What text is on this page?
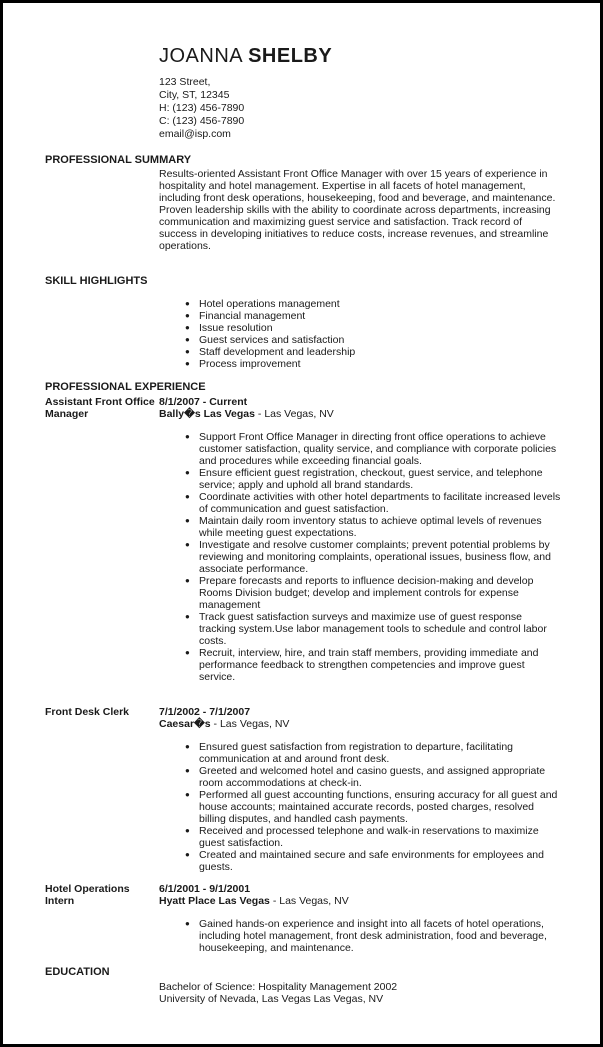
JOANNA SHELBY
123 Street,
City, ST, 12345
H: (123) 456-7890
C: (123) 456-7890
email@isp.com
PROFESSIONAL SUMMARY
Results-oriented Assistant Front Office Manager with over 15 years of experience in hospitality and hotel management. Expertise in all facets of hotel management, including front desk operations, housekeeping, food and beverage, and maintenance. Proven leadership skills with the ability to coordinate across departments, increasing communication and maximizing guest service and satisfaction. Track record of success in developing initiatives to reduce costs, increase revenues, and streamline operations.
SKILL HIGHLIGHTS
● Hotel operations management
● Financial management
● Issue resolution
● Guest services and satisfaction
● Staff development and leadership
● Process improvement
PROFESSIONAL EXPERIENCE
Assistant Front Office Manager
8/1/2007 - Current
Bally�s Las Vegas - Las Vegas, NV
● Support Front Office Manager in directing front office operations to achieve customer satisfaction, quality service, and compliance with corporate policies and procedures while exceeding financial goals.
● Ensure efficient guest registration, checkout, guest service, and telephone service; apply and uphold all brand standards.
● Coordinate activities with other hotel departments to facilitate increased levels of communication and guest satisfaction.
● Maintain daily room inventory status to achieve optimal levels of revenues while meeting guest expectations.
● Investigate and resolve customer complaints; prevent potential problems by reviewing and monitoring complaints, operational issues, business flow, and associate performance.
● Prepare forecasts and reports to influence decision-making and develop Rooms Division budget; develop and implement controls for expense management
● Track guest satisfaction surveys and maximize use of guest response tracking system.Use labor management tools to schedule and control labor costs.
● Recruit, interview, hire, and train staff members, providing immediate and performance feedback to strengthen competencies and improve guest service.
Front Desk Clerk	7/1/2002 - 7/1/2007
Caesar�s - Las Vegas, NV
● Ensured guest satisfaction from registration to departure, facilitating communication at and around front desk.
● Greeted and welcomed hotel and casino guests, and assigned appropriate room accommodations at check-in.
● Performed all guest accounting functions, ensuring accuracy for all guest and house accounts; maintained accurate records, posted charges, resolved billing disputes, and handled cash payments.
● Received and processed telephone and walk-in reservations to maximize guest satisfaction.
● Created and maintained secure and safe environments for employees and guests.
Hotel Operations Intern
6/1/2001 - 9/1/2001
Hyatt Place Las Vegas - Las Vegas, NV
● Gained hands-on experience and insight into all facets of hotel operations, including hotel management, front desk administration, food and beverage, housekeeping, and maintenance.
EDUCATION
Bachelor of Science: Hospitality Management 2002
University of Nevada, Las Vegas Las Vegas, NV
